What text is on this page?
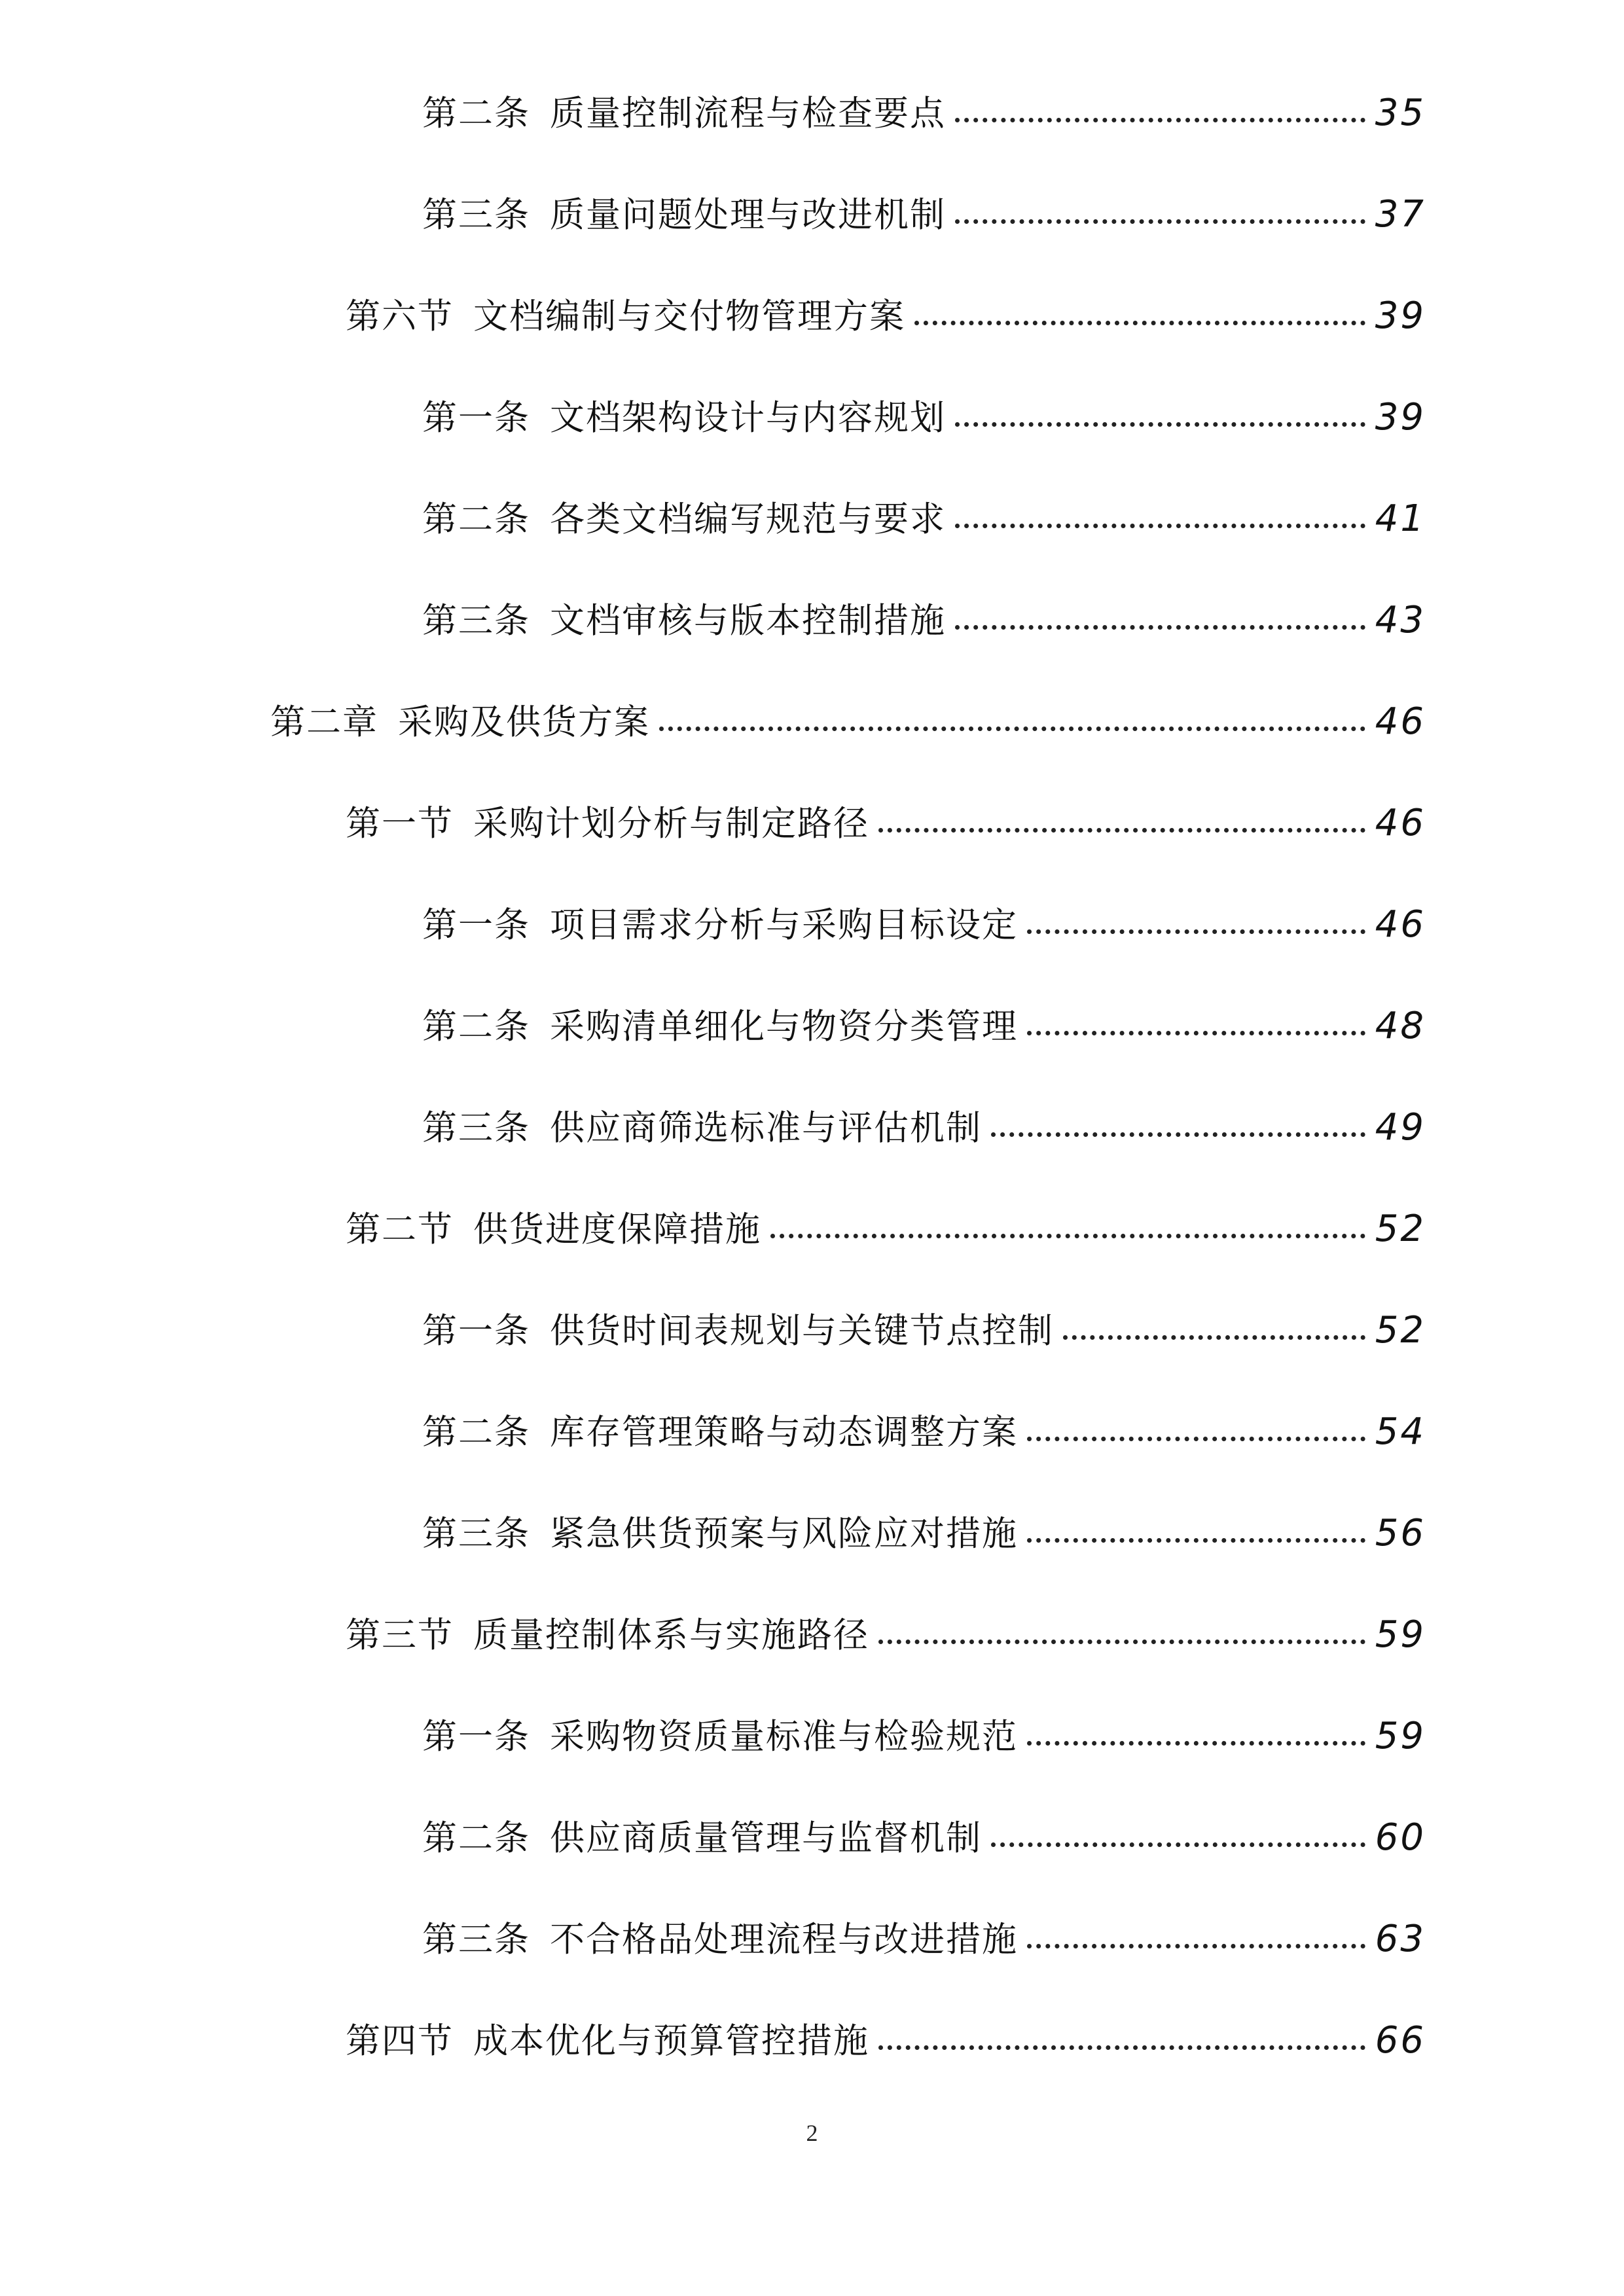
第二条 质量控制流程与检查要点	35
第三条 质量问题处理与改进机制	37
第六节 文档编制与交付物管理方案	39
第一条 文档架构设计与内容规划	39
第二条 各类文档编写规范与要求	41
第三条 文档审核与版本控制措施	43
第二章 采购及供货方案	46
第一节 采购计划分析与制定路径	46
第一条 项目需求分析与采购目标设定	46
第二条 采购清单细化与物资分类管理	48
第三条 供应商筛选标准与评估机制	49
第二节 供货进度保障措施	52
第一条 供货时间表规划与关键节点控制	52
第二条 库存管理策略与动态调整方案	54
第三条 紧急供货预案与风险应对措施	56
第三节 质量控制体系与实施路径	59
第一条 采购物资质量标准与检验规范	59
第二条 供应商质量管理与监督机制	60
第三条 不合格品处理流程与改进措施	63
第四节 成本优化与预算管控措施	66
2
